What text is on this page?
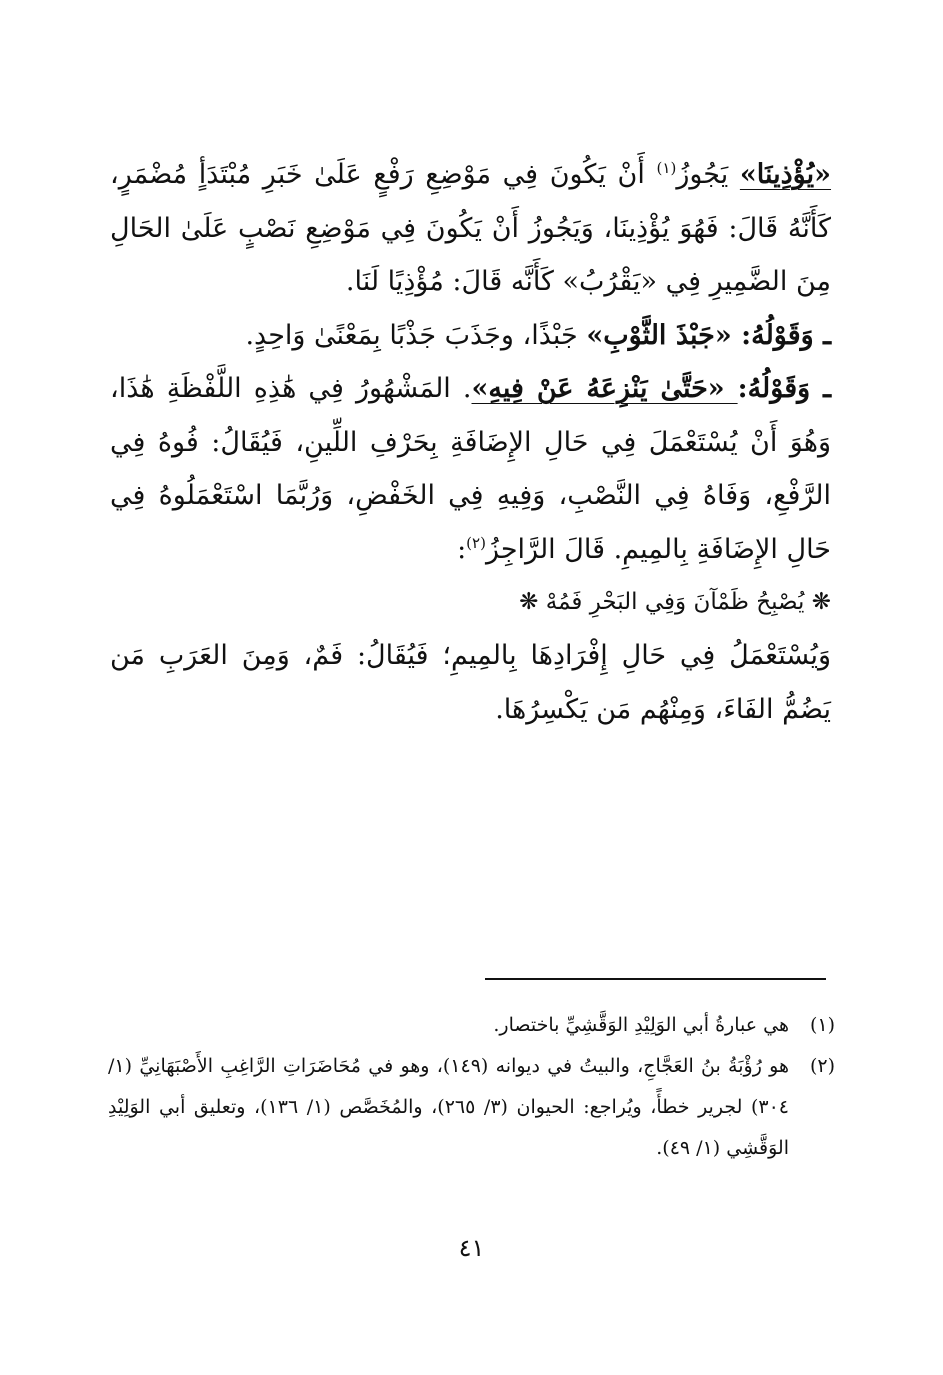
«يُؤْذِينَا» يَجُوزُ$^{(١)}$ أَنْ يَكُونَ فِي مَوْضِعِ رَفْعٍ عَلَىٰ خَبَرِ مُبْتَدَأٍ مُضْمَرٍ، كَأَنَّهُ قَالَ: فَهُوَ يُؤْذِينَا، وَيَجُوزُ أَنْ يَكُونَ فِي مَوْضِعِ نَصْبٍ عَلَىٰ الحَالِ مِنَ الضَّمِيرِ فِي «يَقْرُبُ» كَأَنَّه قَالَ: مُؤْذِيًا لَنَا.

ـ وَقَوْلُهُ: «جَبْذَ الثَّوْبِ» جَبْذًا، وجَذَبَ جَذْبًا بِمَعْنًىٰ وَاحِدٍ.

ـ وَقَوْلُهُ: «حَتَّىٰ يَنْزِعَهُ عَنْ فِيهِ». المَشْهُورُ فِي هَٰذِهِ اللَّفْظَةِ هَٰذَا، وَهُوَ أَنْ يُسْتَعْمَلَ فِي حَالِ الإِضَافَةِ بِحَرْفِ اللِّينِ، فَيُقَالُ: فُوهُ فِي الرَّفْعِ، وَفَاهُ فِي النَّصْبِ، وَفِيهِ فِي الخَفْضِ، وَرُبَّمَا اسْتَعْمَلُوهُ فِي حَالِ الإِضَافَةِ بِالمِيمِ. قَالَ الرَّاجِزُ$^{(٢)}$:

❋ يُصْبِحُ ظَمْآنَ وَفِي البَحْرِ فَمُهْ ❋

وَيُسْتَعْمَلُ فِي حَالِ إِفْرَادِهَا بِالمِيمِ؛ فَيُقَالُ: فَمٌ، وَمِنَ العَرَبِ مَن يَضُمُّ الفَاءَ، وَمِنْهُم مَن يَكْسِرُهَا.

(١)
هي عبارةُ أبي الوَلِيْدِ الوَقَّشِيِّ باختصار.
(٢)
هو رُؤْبَةُ بنُ العَجَّاجِ، والبيتُ في ديوانه (١٤٩)، وهو في مُحَاضَرَاتِ الرَّاغِبِ الأَصْبَهَانِيِّ (١/ ٣٠٤) لجرير خطأً، ويُراجع: الحيوان (٣/ ٢٦٥)، والمُخَصَّص (١/ ١٣٦)، وتعليق أبي الوَلِيْدِ الوَقَّشِي (١/ ٤٩).
٤١
